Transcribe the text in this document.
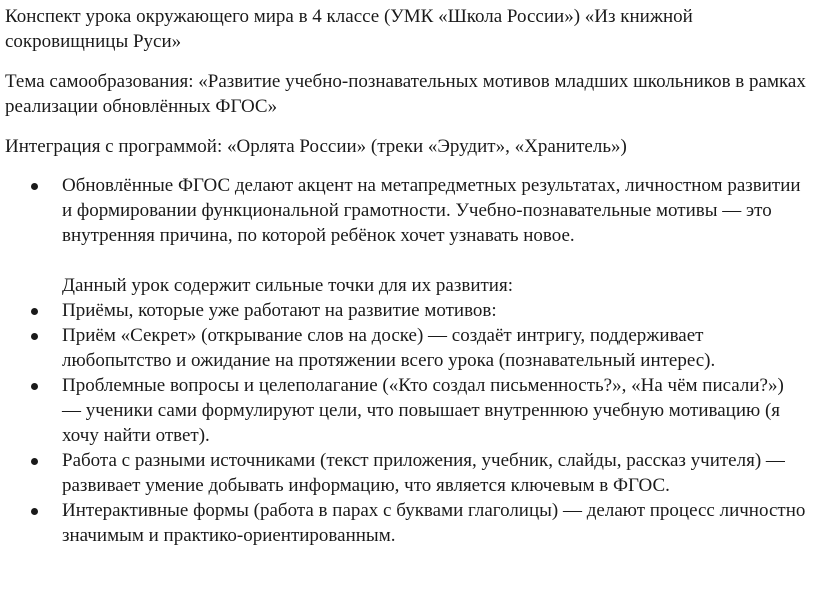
Конспект урока окружающего мира в 4 классе (УМК «Школа России») «Из книжной сокровищницы Руси»

Тема самообразования: «Развитие учебно-познавательных мотивов младших школьников в рамках реализации обновлённых ФГОС»

Интеграция с программой: «Орлята России» (треки «Эрудит», «Хранитель»)

Обновлённые ФГОС делают акцент на метапредметных результатах, личностном развитии и формировании функциональной грамотности. Учебно-познавательные мотивы — это внутренняя причина, по которой ребёнок хочет узнавать новое.
Данный урок содержит сильные точки для их развития:
Приёмы, которые уже работают на развитие мотивов:
Приём «Секрет» (открывание слов на доске) — создаёт интригу, поддерживает любопытство и ожидание на протяжении всего урока (познавательный интерес).
Проблемные вопросы и целеполагание («Кто создал письменность?», «На чём писали?») — ученики сами формулируют цели, что повышает внутреннюю учебную мотивацию (я хочу найти ответ).
Работа с разными источниками (текст приложения, учебник, слайды, рассказ учителя) — развивает умение добывать информацию, что является ключевым в ФГОС.
Интерактивные формы (работа в парах с буквами глаголицы) — делают процесс личностно значимым и практико-ориентированным.
